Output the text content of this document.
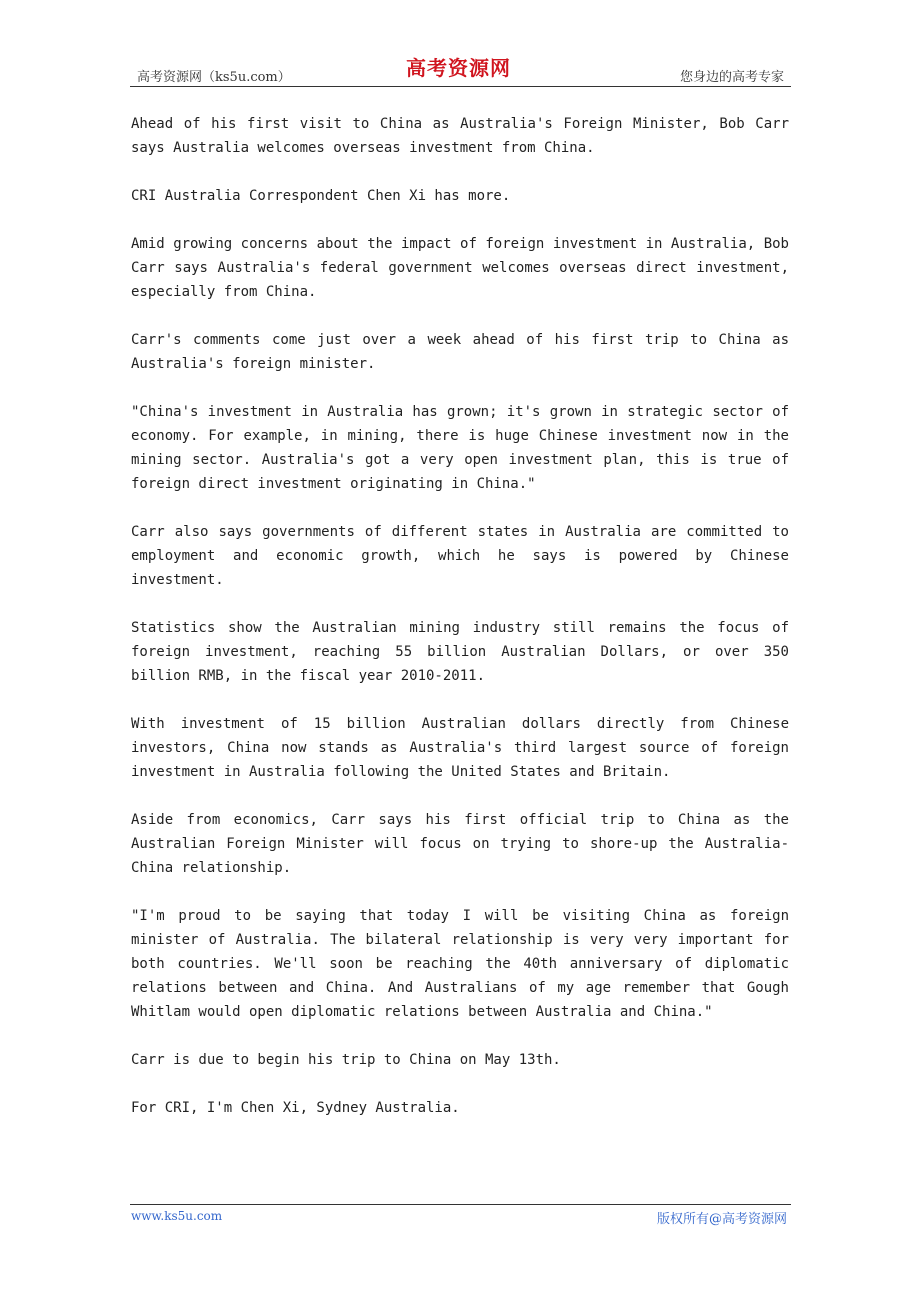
高考资源网（ks5u.com）	高考资源网	您身边的高考专家

Ahead of his first visit to China as Australia's Foreign Minister, Bob Carr says Australia welcomes overseas investment from China.

CRI Australia Correspondent Chen Xi has more.

Amid growing concerns about the impact of foreign investment in Australia, Bob Carr says Australia's federal government welcomes overseas direct investment, especially from China.

Carr's comments come just over a week ahead of his first trip to China as Australia's foreign minister.

"China's investment in Australia has grown; it's grown in strategic sector of economy. For example, in mining, there is huge Chinese investment now in the mining sector. Australia's got a very open investment plan, this is true of foreign direct investment originating in China."

Carr also says governments of different states in Australia are committed to employment and economic growth, which he says is powered by Chinese investment.

Statistics show the Australian mining industry still remains the focus of foreign investment, reaching 55 billion Australian Dollars, or over 350 billion RMB, in the fiscal year 2010-2011.

With investment of 15 billion Australian dollars directly from Chinese investors, China now stands as Australia's third largest source of foreign investment in Australia following the United States and Britain.

Aside from economics, Carr says his first official trip to China as the Australian Foreign Minister will focus on trying to shore-up the Australia-China relationship.

"I'm proud to be saying that today I will be visiting China as foreign minister of Australia. The bilateral relationship is very very important for both countries. We'll soon be reaching the 40th anniversary of diplomatic relations between and China. And Australians of my age remember that Gough Whitlam would open diplomatic relations between Australia and China."

Carr is due to begin his trip to China on May 13th.

For CRI, I'm Chen Xi, Sydney Australia.

www.ks5u.com	版权所有@高考资源网
